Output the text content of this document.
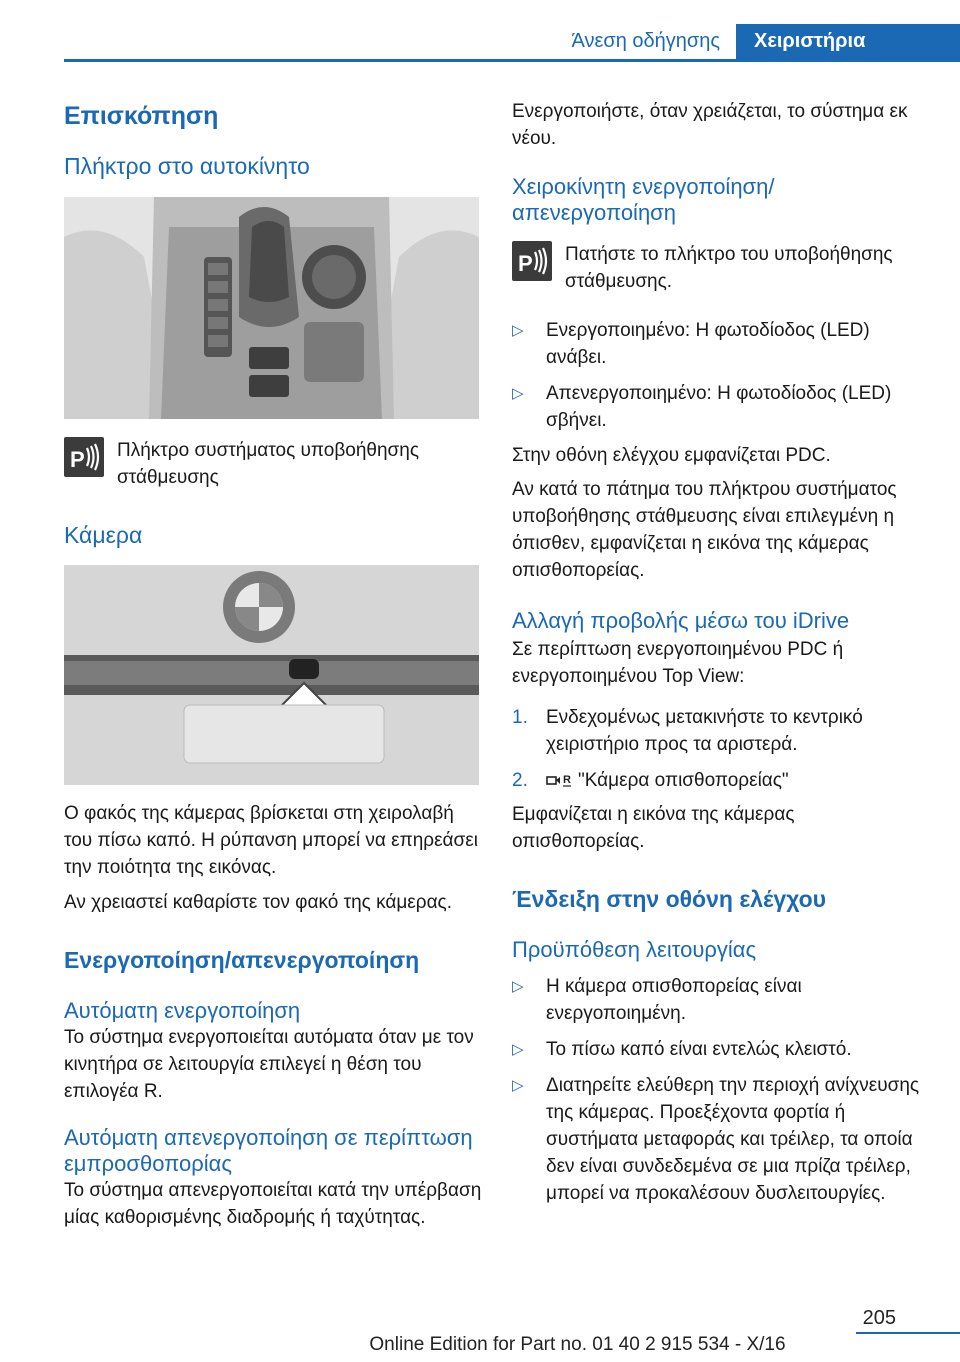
Άνεση οδήγησης	Χειριστήρια
Επισκόπηση
Πλήκτρο στο αυτοκίνητο
P Πλήκτρο συστήματος υποβοήθησης στάθμευσης
Κάμερα

Ο φακός της κάμερας βρίσκεται στη χειρολαβή του πίσω καπό. Η ρύπανση μπορεί να επηρεάσει την ποιότητα της εικόνας.

Αν χρειαστεί καθαρίστε τον φακό της κάμερας.

Ενεργοποίηση/απενεργοποίηση
Αυτόματη ενεργοποίηση

Το σύστημα ενεργοποιείται αυτόματα όταν με τον κινητήρα σε λειτουργία επιλεγεί η θέση του επιλογέα R.

Αυτόματη απενεργοποίηση σε περίπτωση εμπροσθοπορίας

Το σύστημα απενεργοποιείται κατά την υπέρβαση μίας καθορισμένης διαδρομής ή ταχύτητας.

Ενεργοποιήστε, όταν χρειάζεται, το σύστημα εκ νέου.

Χειροκίνητη ενεργοποίηση/απενεργοποίηση
P Πατήστε το πλήκτρο του υποβοήθησης στάθμευσης.
▷ Ενεργοποιημένο: Η φωτοδίοδος (LED) ανάβει.
▷ Απενεργοποιημένο: Η φωτοδίοδος (LED) σβήνει.

Στην οθόνη ελέγχου εμφανίζεται PDC.

Αν κατά το πάτημα του πλήκτρου συστήματος υποβοήθησης στάθμευσης είναι επιλεγμένη η όπισθεν, εμφανίζεται η εικόνα της κάμερας οπισθοπορείας.

Αλλαγή προβολής μέσω του iDrive

Σε περίπτωση ενεργοποιημένου PDC ή ενεργοποιημένου Top View:

1. Ενδεχομένως μετακινήστε το κεντρικό χειριστήριο προς τα αριστερά.
2.	R "Κάμερα οπισθοπορείας"

Εμφανίζεται η εικόνα της κάμερας οπισθοπορείας.

Ένδειξη στην οθόνη ελέγχου
Προϋπόθεση λειτουργίας
▷ Η κάμερα οπισθοπορείας είναι ενεργοποιημένη.
▷ Το πίσω καπό είναι εντελώς κλειστό.
▷ Διατηρείτε ελεύθερη την περιοχή ανίχνευσης της κάμερας. Προεξέχοντα φορτία ή συστήματα μεταφοράς και τρέιλερ, τα οποία δεν είναι συνδεδεμένα σε μια πρίζα τρέιλερ, μπορεί να προκαλέσουν δυσλειτουργίες.
205
Online Edition for Part no. 01 40 2 915 534 - X/16
